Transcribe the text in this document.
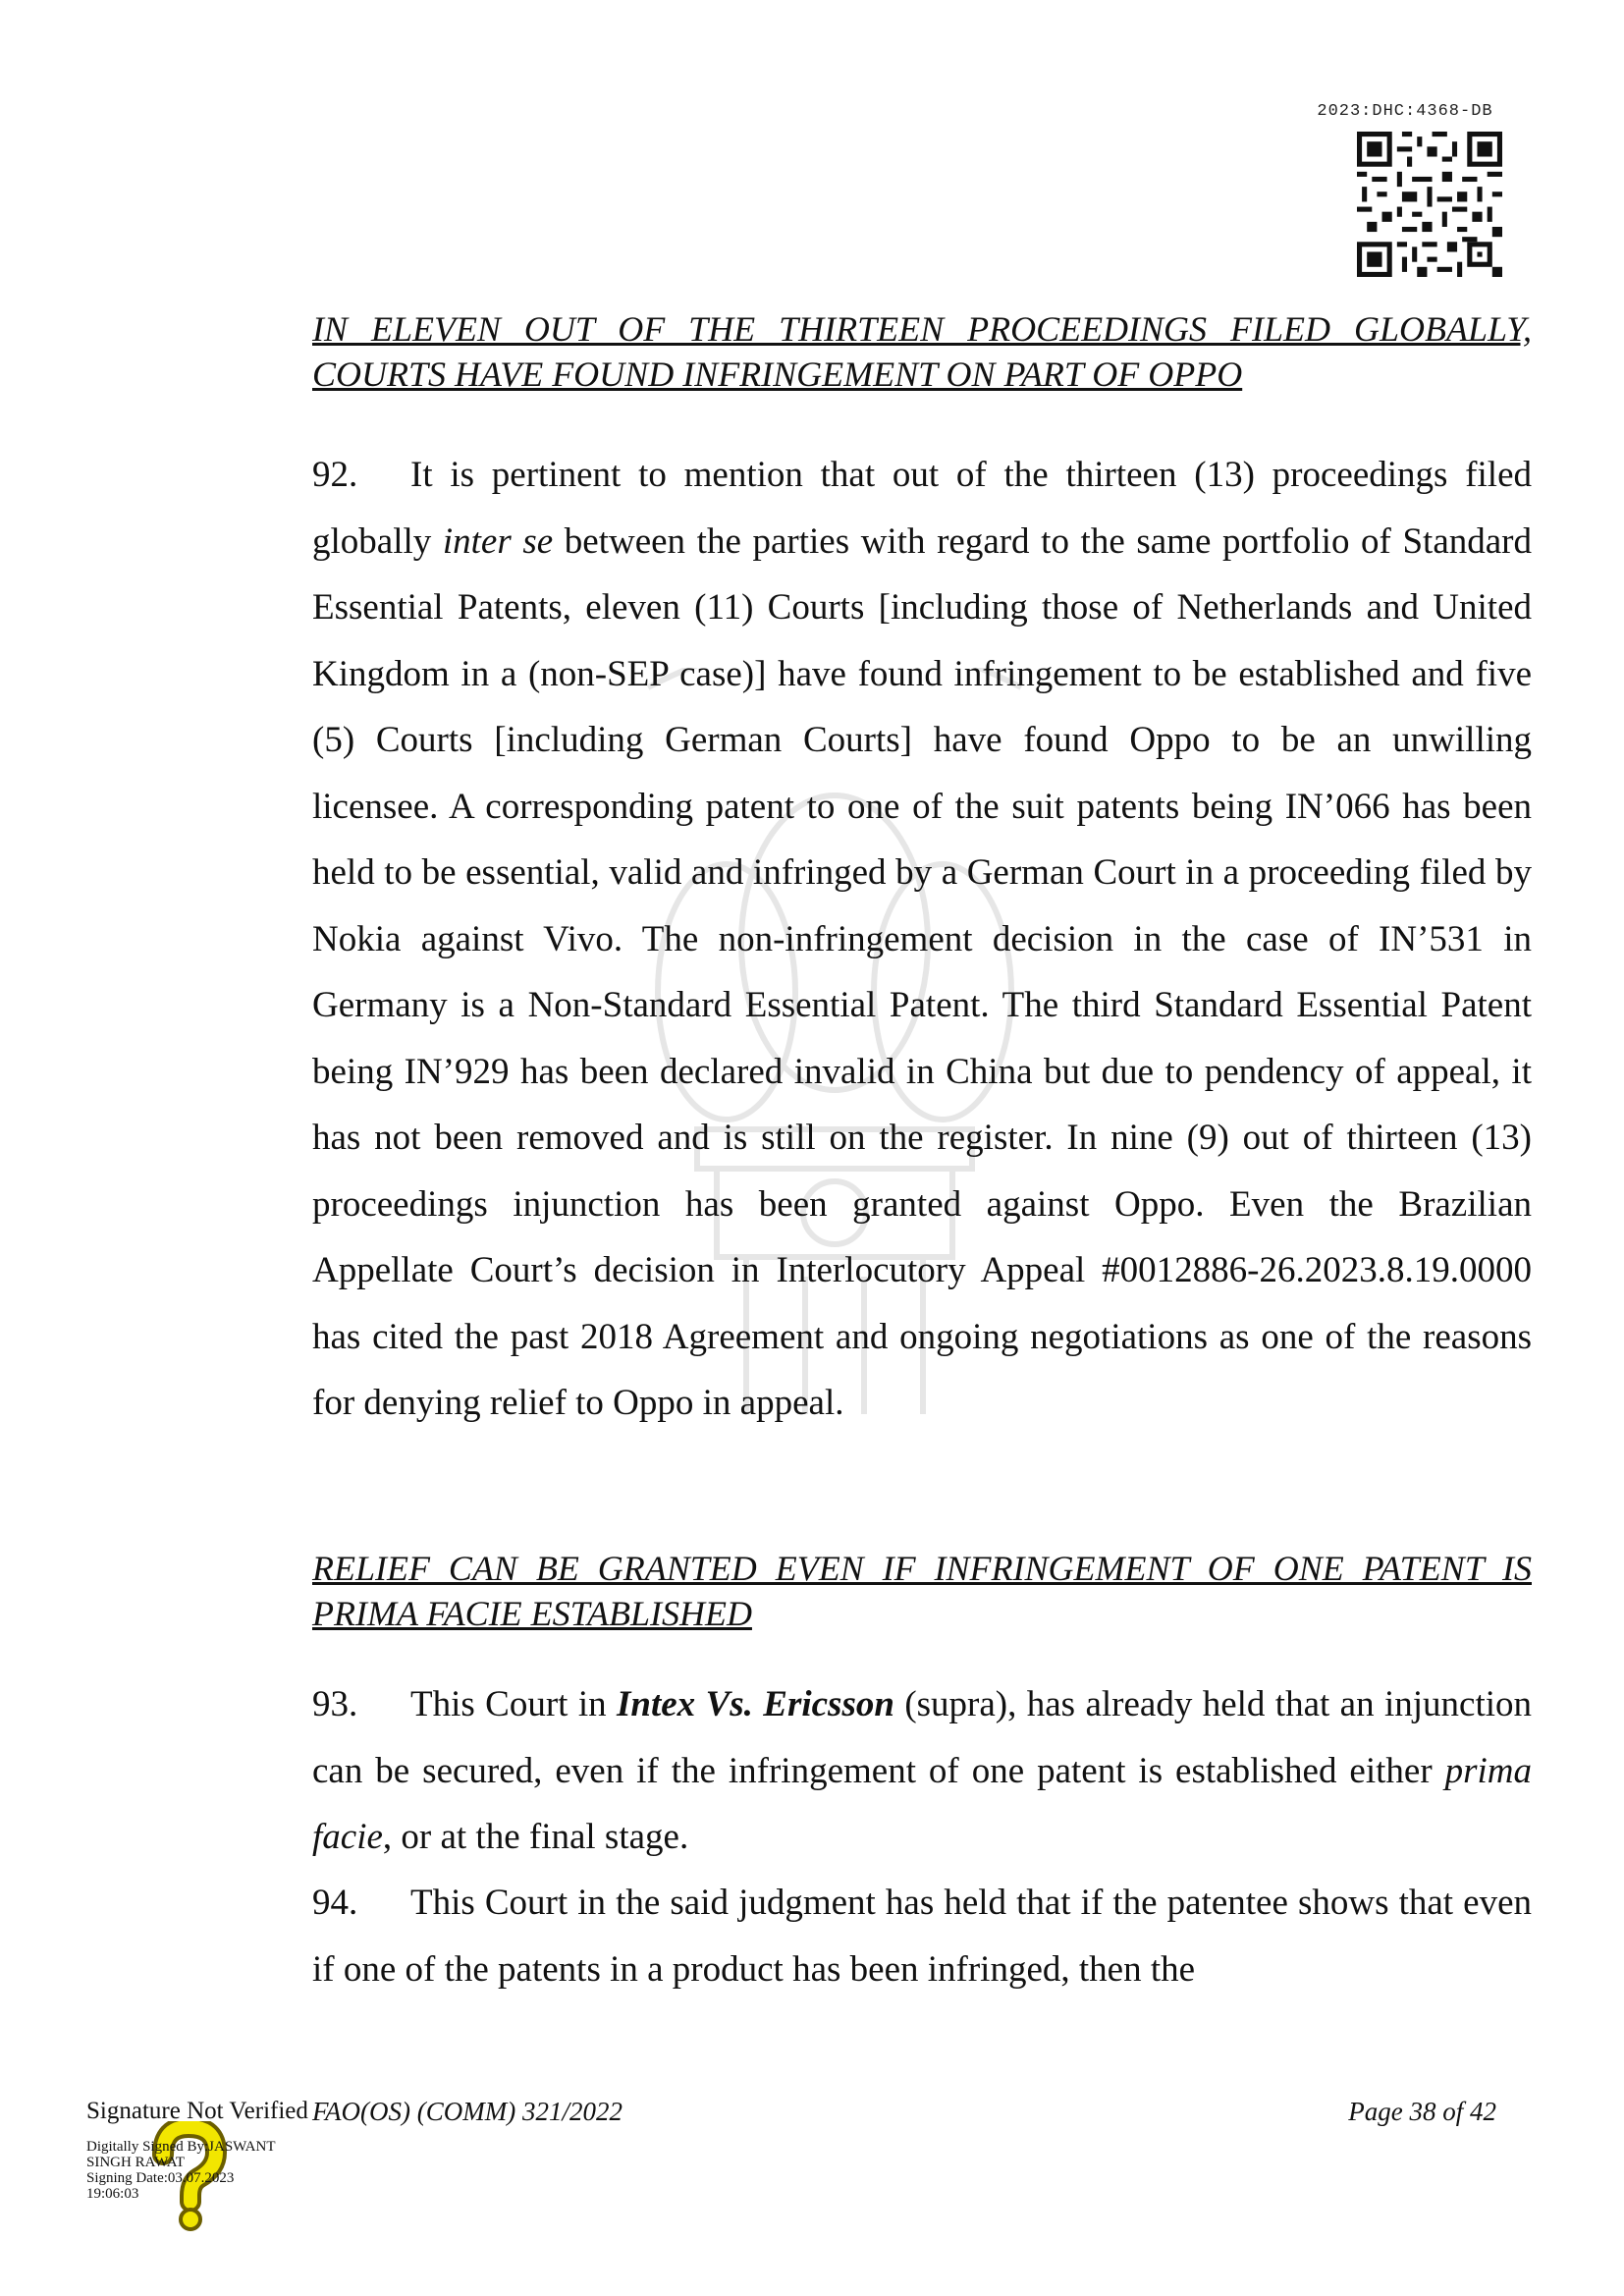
2023:DHC:4368-DB
IN ELEVEN OUT OF THE THIRTEEN PROCEEDINGS FILED GLOBALLY, COURTS HAVE FOUND INFRINGEMENT ON PART OF OPPO

92. It is pertinent to mention that out of the thirteen (13) proceedings filed globally inter se between the parties with regard to the same portfolio of Standard Essential Patents, eleven (11) Courts [including those of Netherlands and United Kingdom in a (non-SEP case)] have found infringement to be established and five (5) Courts [including German Courts] have found Oppo to be an unwilling licensee. A corresponding patent to one of the suit patents being IN’066 has been held to be essential, valid and infringed by a German Court in a proceeding filed by Nokia against Vivo. The non-infringement decision in the case of IN’531 in Germany is a Non-Standard Essential Patent. The third Standard Essential Patent being IN’929 has been declared invalid in China but due to pendency of appeal, it has not been removed and is still on the register. In nine (9) out of thirteen (13) proceedings injunction has been granted against Oppo. Even the Brazilian Appellate Court’s decision in Interlocutory Appeal #0012886-26.2023.8.19.0000 has cited the past 2018 Agreement and ongoing negotiations as one of the reasons for denying relief to Oppo in appeal.

RELIEF CAN BE GRANTED EVEN IF INFRINGEMENT OF ONE PATENT IS PRIMA FACIE ESTABLISHED

93. This Court in Intex Vs. Ericsson (supra), has already held that an injunction can be secured, even if the infringement of one patent is established either prima facie, or at the final stage.

94. This Court in the said judgment has held that if the patentee shows that even if one of the patents in a product has been infringed, then the

FAO(OS) (COMM) 321/2022	Page 38 of 42
Signature Not Verified
Digitally Signed By:JASWANT
SINGH RAWAT
Signing Date:03.07.2023
19:06:03
